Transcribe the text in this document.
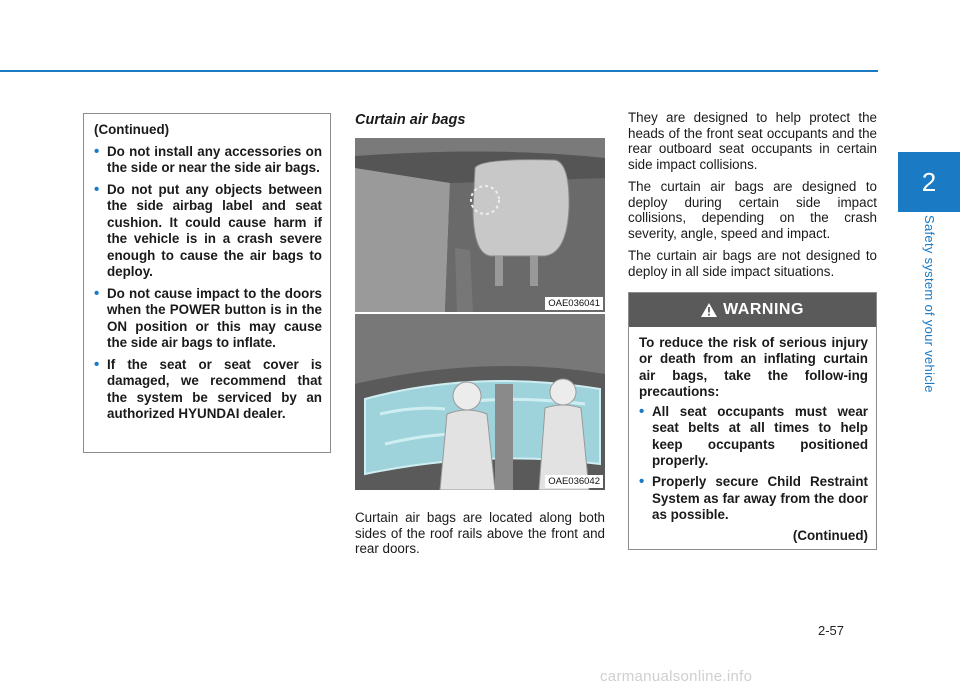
2
Safety system of your vehicle
(Continued)
• Do not install any accessories on the side or near the side air bags.
• Do not put any objects between the side airbag label and seat cushion. It could cause harm if the vehicle is in a crash severe enough to cause the air bags to deploy.
• Do not cause impact to the doors when the POWER button is in the ON position or this may cause the side air bags to inflate.
• If the seat or seat cover is damaged, we recommend that the system be serviced by an authorized HYUNDAI dealer.
Curtain air bags
OAE036041
OAE036042
Curtain air bags are located along both sides of the roof rails above the front and rear doors.

They are designed to help protect the heads of the front seat occupants and the rear outboard seat occupants in certain side impact collisions.

The curtain air bags are designed to deploy during certain side impact collisions, depending on the crash severity, angle, speed and impact.

The curtain air bags are not designed to deploy in all side impact situations.

WARNING
To reduce the risk of serious injury or death from an inflating curtain air bags, take the follow-ing precautions:
• All seat occupants must wear seat belts at all times to help keep occupants positioned properly.
• Properly secure Child Restraint System as far away from the door as possible.
(Continued)
2-57
carmanualsonline.info
